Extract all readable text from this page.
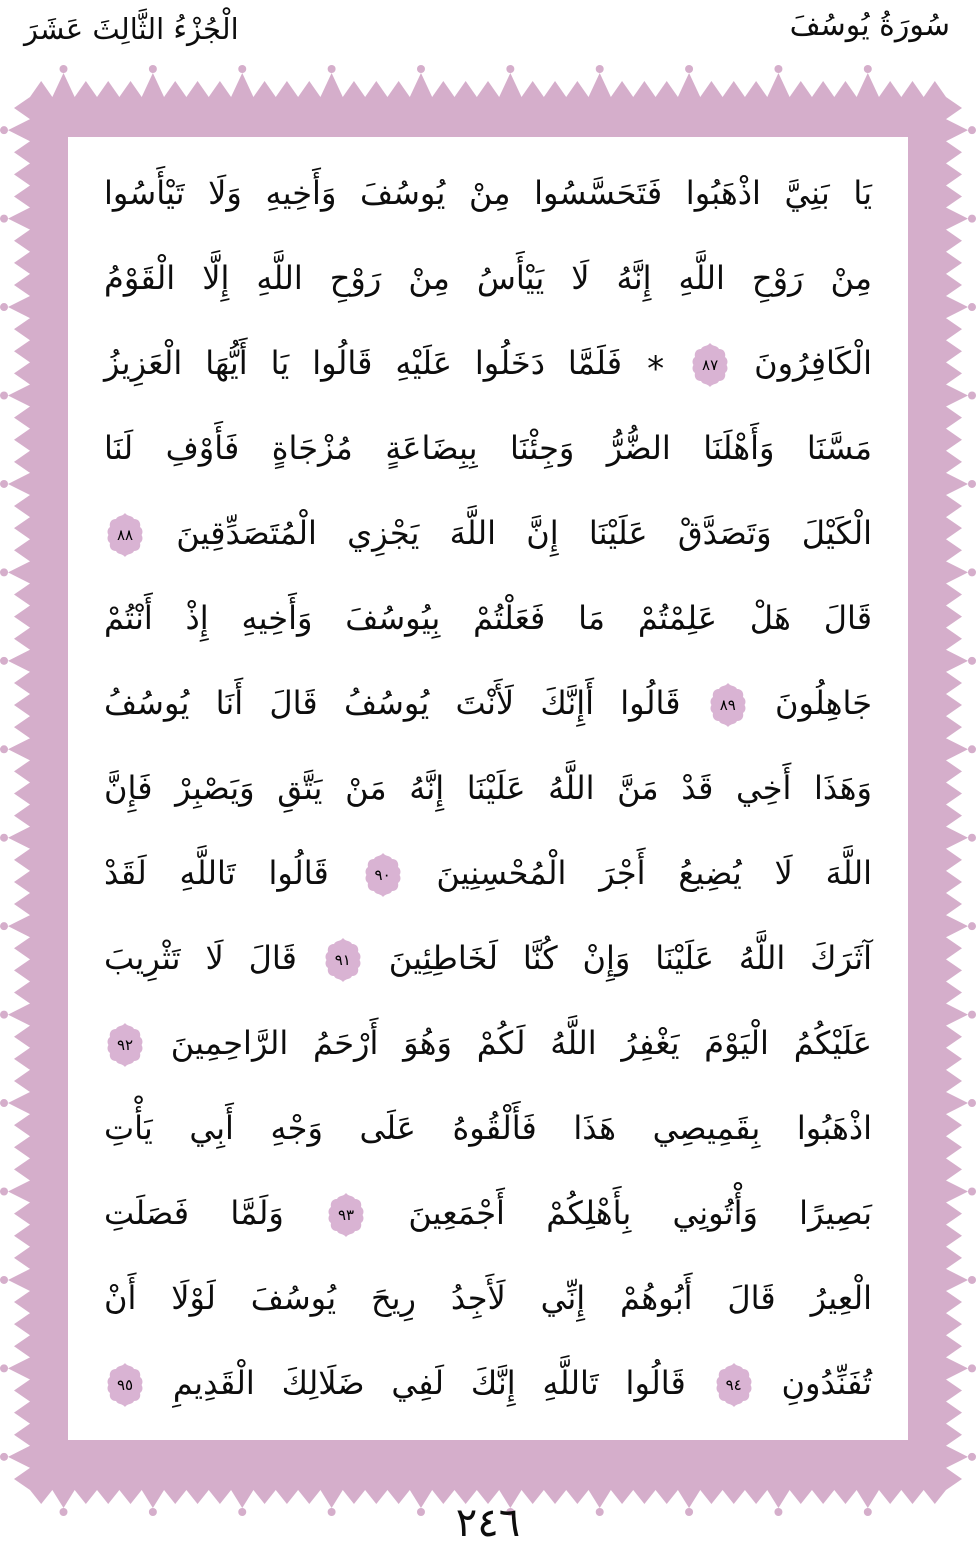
الْجُزْءُ الثَّالِثَ عَشَرَ	سُورَةُ يُوسُفَ
يَا بَنِيَّ اذْهَبُوا فَتَحَسَّسُوا مِنْ يُوسُفَ وَأَخِيهِ وَلَا تَيْأَسُوا
مِنْ رَوْحِ اللَّهِ إِنَّهُ لَا يَيْأَسُ مِنْ رَوْحِ اللَّهِ إِلَّا الْقَوْمُ
الْكَافِرُونَ
٨٧
* فَلَمَّا دَخَلُوا عَلَيْهِ قَالُوا يَا أَيُّهَا الْعَزِيزُ
مَسَّنَا وَأَهْلَنَا الضُّرُّ وَجِئْنَا بِبِضَاعَةٍ مُزْجَاةٍ فَأَوْفِ لَنَا
الْكَيْلَ وَتَصَدَّقْ عَلَيْنَا إِنَّ اللَّهَ يَجْزِي الْمُتَصَدِّقِينَ
٨٨
قَالَ هَلْ عَلِمْتُمْ مَا فَعَلْتُمْ بِيُوسُفَ وَأَخِيهِ إِذْ أَنْتُمْ
جَاهِلُونَ
٨٩
قَالُوا أَإِنَّكَ لَأَنْتَ يُوسُفُ قَالَ أَنَا يُوسُفُ
وَهَذَا أَخِي قَدْ مَنَّ اللَّهُ عَلَيْنَا إِنَّهُ مَنْ يَتَّقِ وَيَصْبِرْ فَإِنَّ
اللَّهَ لَا يُضِيعُ أَجْرَ الْمُحْسِنِينَ
٩٠
قَالُوا تَاللَّهِ لَقَدْ
آثَرَكَ اللَّهُ عَلَيْنَا وَإِنْ كُنَّا لَخَاطِئِينَ
٩١
قَالَ لَا تَثْرِيبَ
عَلَيْكُمُ الْيَوْمَ يَغْفِرُ اللَّهُ لَكُمْ وَهُوَ أَرْحَمُ الرَّاحِمِينَ
٩٢
اذْهَبُوا بِقَمِيصِي هَذَا فَأَلْقُوهُ عَلَى وَجْهِ أَبِي يَأْتِ
بَصِيرًا وَأْتُونِي بِأَهْلِكُمْ أَجْمَعِينَ
٩٣
وَلَمَّا فَصَلَتِ
الْعِيرُ قَالَ أَبُوهُمْ إِنِّي لَأَجِدُ رِيحَ يُوسُفَ لَوْلَا أَنْ
تُفَنِّدُونِ
٩٤
قَالُوا تَاللَّهِ إِنَّكَ لَفِي ضَلَالِكَ الْقَدِيمِ
٩٥
٢٤٦
